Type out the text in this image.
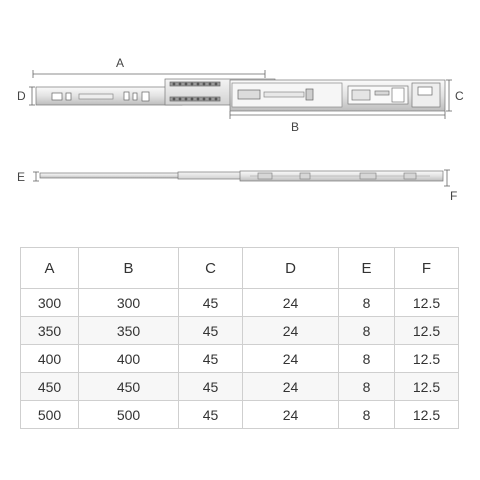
A
B
C
D
E
F
A	B	C	D	E	F
300	300	45	24	8	12.5
350	350	45	24	8	12.5
400	400	45	24	8	12.5
450	450	45	24	8	12.5
500	500	45	24	8	12.5
